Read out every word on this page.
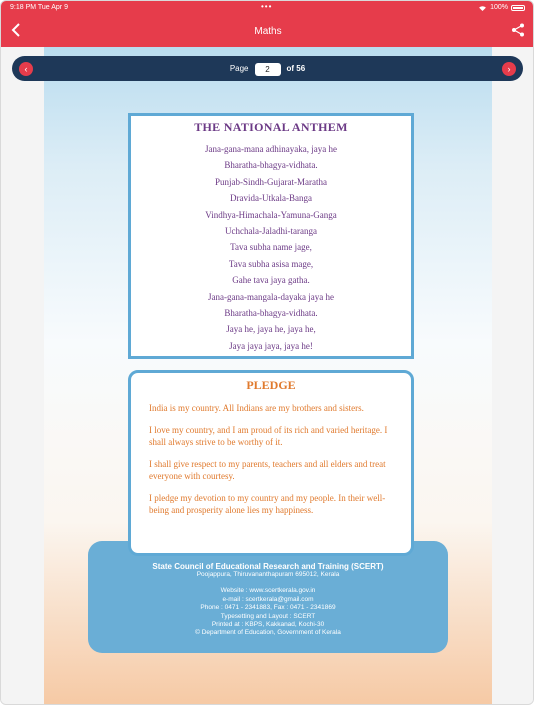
9:18 PM Tue Apr 9	•••	100%
Maths
‹	Page 2 of 56	›
THE NATIONAL ANTHEM
Jana-gana-mana adhinayaka, jaya he
Bharatha-bhagya-vidhata.
Punjab-Sindh-Gujarat-Maratha
Dravida-Utkala-Banga
Vindhya-Himachala-Yamuna-Ganga
Uchchala-Jaladhi-taranga
Tava subha name jage,
Tava subha asisa mage,
Gahe tava jaya gatha.
Jana-gana-mangala-dayaka jaya he
Bharatha-bhagya-vidhata.
Jaya he, jaya he, jaya he,
Jaya jaya jaya, jaya he!
State Council of Educational Research and Training (SCERT)
Poojappura, Thiruvananthapuram 695012, Kerala
Website : www.scertkerala.gov.in
e-mail : scertkerala@gmail.com
Phone : 0471 - 2341883, Fax : 0471 - 2341869
Typesetting and Layout : SCERT
Printed at : KBPS, Kakkanad, Kochi-30
© Department of Education, Government of Kerala
PLEDGE

India is my country. All Indians are my brothers and sisters.

I love my country, and I am proud of its rich and varied heritage. I shall always strive to be worthy of it.

I shall give respect to my parents, teachers and all elders and treat everyone with courtesy.

I pledge my devotion to my country and my people. In their well-being and prosperity alone lies my happiness.
